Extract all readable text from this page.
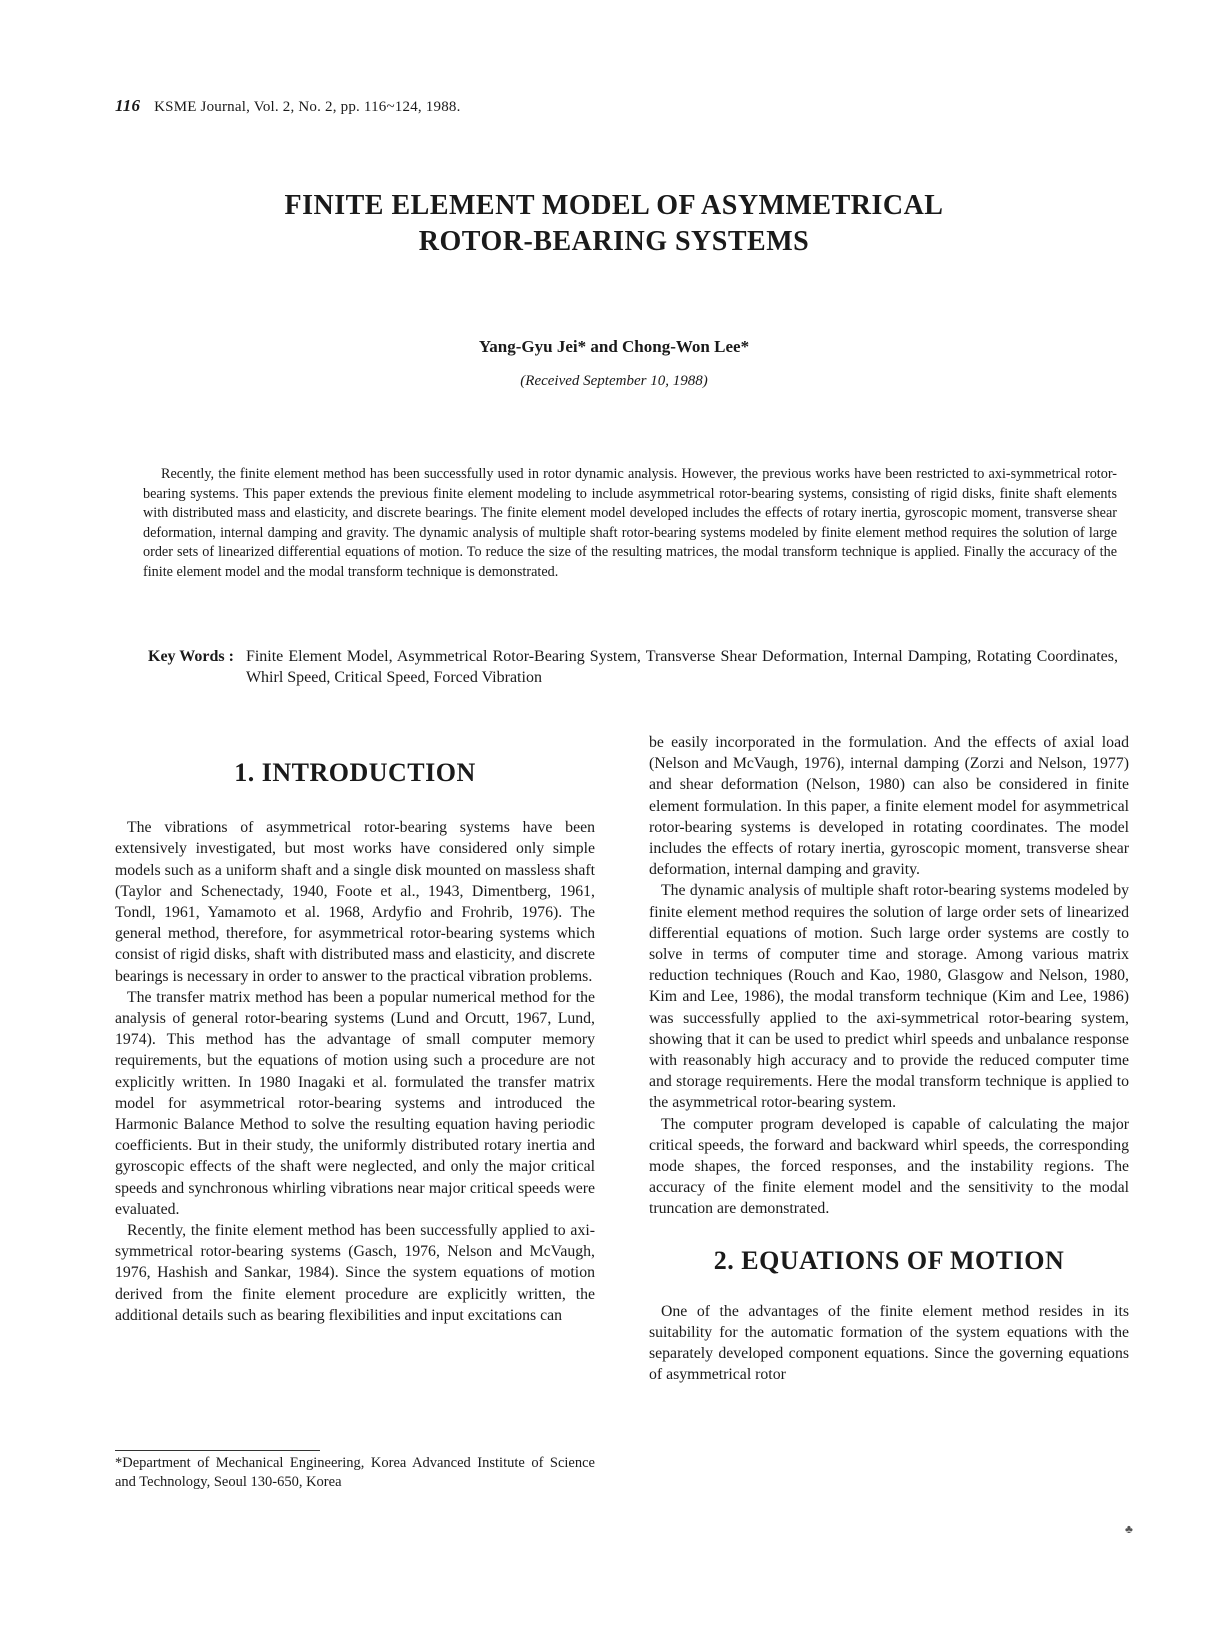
116 KSME Journal, Vol. 2, No. 2, pp. 116~124, 1988.
FINITE ELEMENT MODEL OF ASYMMETRICAL
ROTOR-BEARING SYSTEMS
Yang-Gyu Jei* and Chong-Won Lee*
(Received September 10, 1988)

Recently, the finite element method has been successfully used in rotor dynamic analysis. However, the previous works have been restricted to axi-symmetrical rotor-bearing systems. This paper extends the previous finite element modeling to include asymmetrical rotor-bearing systems, consisting of rigid disks, finite shaft elements with distributed mass and elasticity, and discrete bearings. The finite element model developed includes the effects of rotary inertia, gyroscopic moment, transverse shear deformation, internal damping and gravity. The dynamic analysis of multiple shaft rotor-bearing systems modeled by finite element method requires the solution of large order sets of linearized differential equations of motion. To reduce the size of the resulting matrices, the modal transform technique is applied. Finally the accuracy of the finite element model and the modal transform technique is demonstrated.

Key Words : Finite Element Model, Asymmetrical Rotor-Bearing System, Transverse Shear Deformation, Internal Damping, Rotating Coordinates, Whirl Speed, Critical Speed, Forced Vibration
1. INTRODUCTION

The vibrations of asymmetrical rotor-bearing systems have been extensively investigated, but most works have considered only simple models such as a uniform shaft and a single disk mounted on massless shaft (Taylor and Schenectady, 1940, Foote et al., 1943, Dimentberg, 1961, Tondl, 1961, Yamamoto et al. 1968, Ardyfio and Frohrib, 1976). The general method, therefore, for asymmetrical rotor-bearing systems which consist of rigid disks, shaft with distributed mass and elasticity, and discrete bearings is necessary in order to answer to the practical vibration problems.

The transfer matrix method has been a popular numerical method for the analysis of general rotor-bearing systems (Lund and Orcutt, 1967, Lund, 1974). This method has the advantage of small computer memory requirements, but the equations of motion using such a procedure are not explicitly written. In 1980 Inagaki et al. formulated the transfer matrix model for asymmetrical rotor-bearing systems and introduced the Harmonic Balance Method to solve the resulting equation having periodic coefficients. But in their study, the uniformly distributed rotary inertia and gyroscopic effects of the shaft were neglected, and only the major critical speeds and synchronous whirling vibrations near major critical speeds were evaluated.

Recently, the finite element method has been successfully applied to axi-symmetrical rotor-bearing systems (Gasch, 1976, Nelson and McVaugh, 1976, Hashish and Sankar, 1984). Since the system equations of motion derived from the finite element procedure are explicitly written, the additional details such as bearing flexibilities and input excitations can

*Department of Mechanical Engineering, Korea Advanced Institute of Science and Technology, Seoul 130-650, Korea

be easily incorporated in the formulation. And the effects of axial load (Nelson and McVaugh, 1976), internal damping (Zorzi and Nelson, 1977) and shear deformation (Nelson, 1980) can also be considered in finite element formulation. In this paper, a finite element model for asymmetrical rotor-bearing systems is developed in rotating coordinates. The model includes the effects of rotary inertia, gyroscopic moment, transverse shear deformation, internal damping and gravity.

The dynamic analysis of multiple shaft rotor-bearing systems modeled by finite element method requires the solution of large order sets of linearized differential equations of motion. Such large order systems are costly to solve in terms of computer time and storage. Among various matrix reduction techniques (Rouch and Kao, 1980, Glasgow and Nelson, 1980, Kim and Lee, 1986), the modal transform technique (Kim and Lee, 1986) was successfully applied to the axi-symmetrical rotor-bearing system, showing that it can be used to predict whirl speeds and unbalance response with reasonably high accuracy and to provide the reduced computer time and storage requirements. Here the modal transform technique is applied to the asymmetrical rotor-bearing system.

The computer program developed is capable of calculating the major critical speeds, the forward and backward whirl speeds, the corresponding mode shapes, the forced responses, and the instability regions. The accuracy of the finite element model and the sensitivity to the modal truncation are demonstrated.

2. EQUATIONS OF MOTION

One of the advantages of the finite element method resides in its suitability for the automatic formation of the system equations with the separately developed component equations. Since the governing equations of asymmetrical rotor

♣
